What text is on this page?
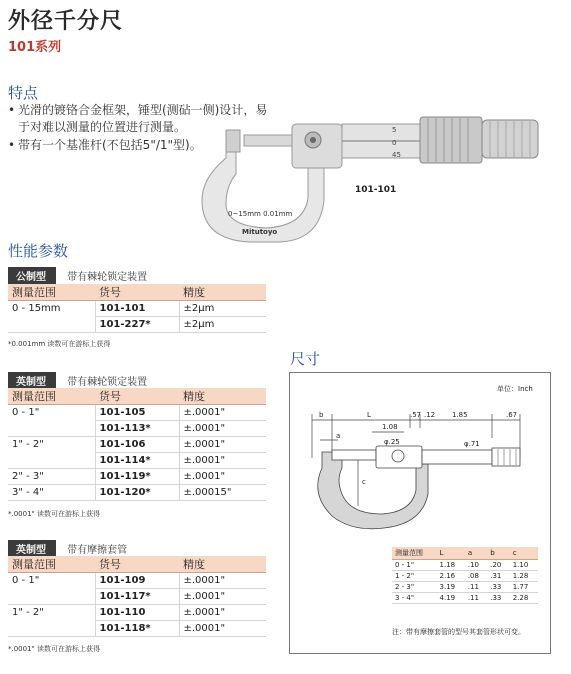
外径千分尺
101系列
特点
• 光滑的镀铬合金框架，锤型(测砧一侧)设计，易于对难以测量的位置进行测量。
• 带有一个基准杆(不包括5"/1"型)。
5
0
45
0~15mm 0.01mm
Mitutoyo
101-101
性能参数
公制型 带有棘轮锁定装置
测量范围	货号	精度
0 - 15mm	101-101	±2μm
	101-227*	±2μm
*0.001mm 读数可在游标上获得
英制型 带有棘轮锁定装置
测量范围	货号	精度
0 - 1"	101-105	±.0001"
	101-113*	±.0001"
1" - 2"	101-106	±.0001"
	101-114*	±.0001"
2" - 3"	101-119*	±.0001"
3" - 4"	101-120*	±.00015"
*.0001" 读数可在游标上获得
英制型 带有摩擦套管
测量范围	货号	精度
0 - 1"	101-109	±.0001"
	101-117*	±.0001"
1" - 2"	101-110	±.0001"
	101-118*	±.0001"
*.0001" 读数可在游标上获得
尺寸
单位：Inch
b	L	.57 .12 1.85	.67
1.08
a
φ.25	φ.71
c
测量范围	L	a	b	c
0 - 1"	1.18	.10	.20	1.10
1 - 2"	2.16	.08	.31	1.28
2 - 3"	3.19	.11	.33	1.77
3 - 4"	4.19	.11	.33	2.28
注：带有摩擦套管的型号其套管形状可变。
